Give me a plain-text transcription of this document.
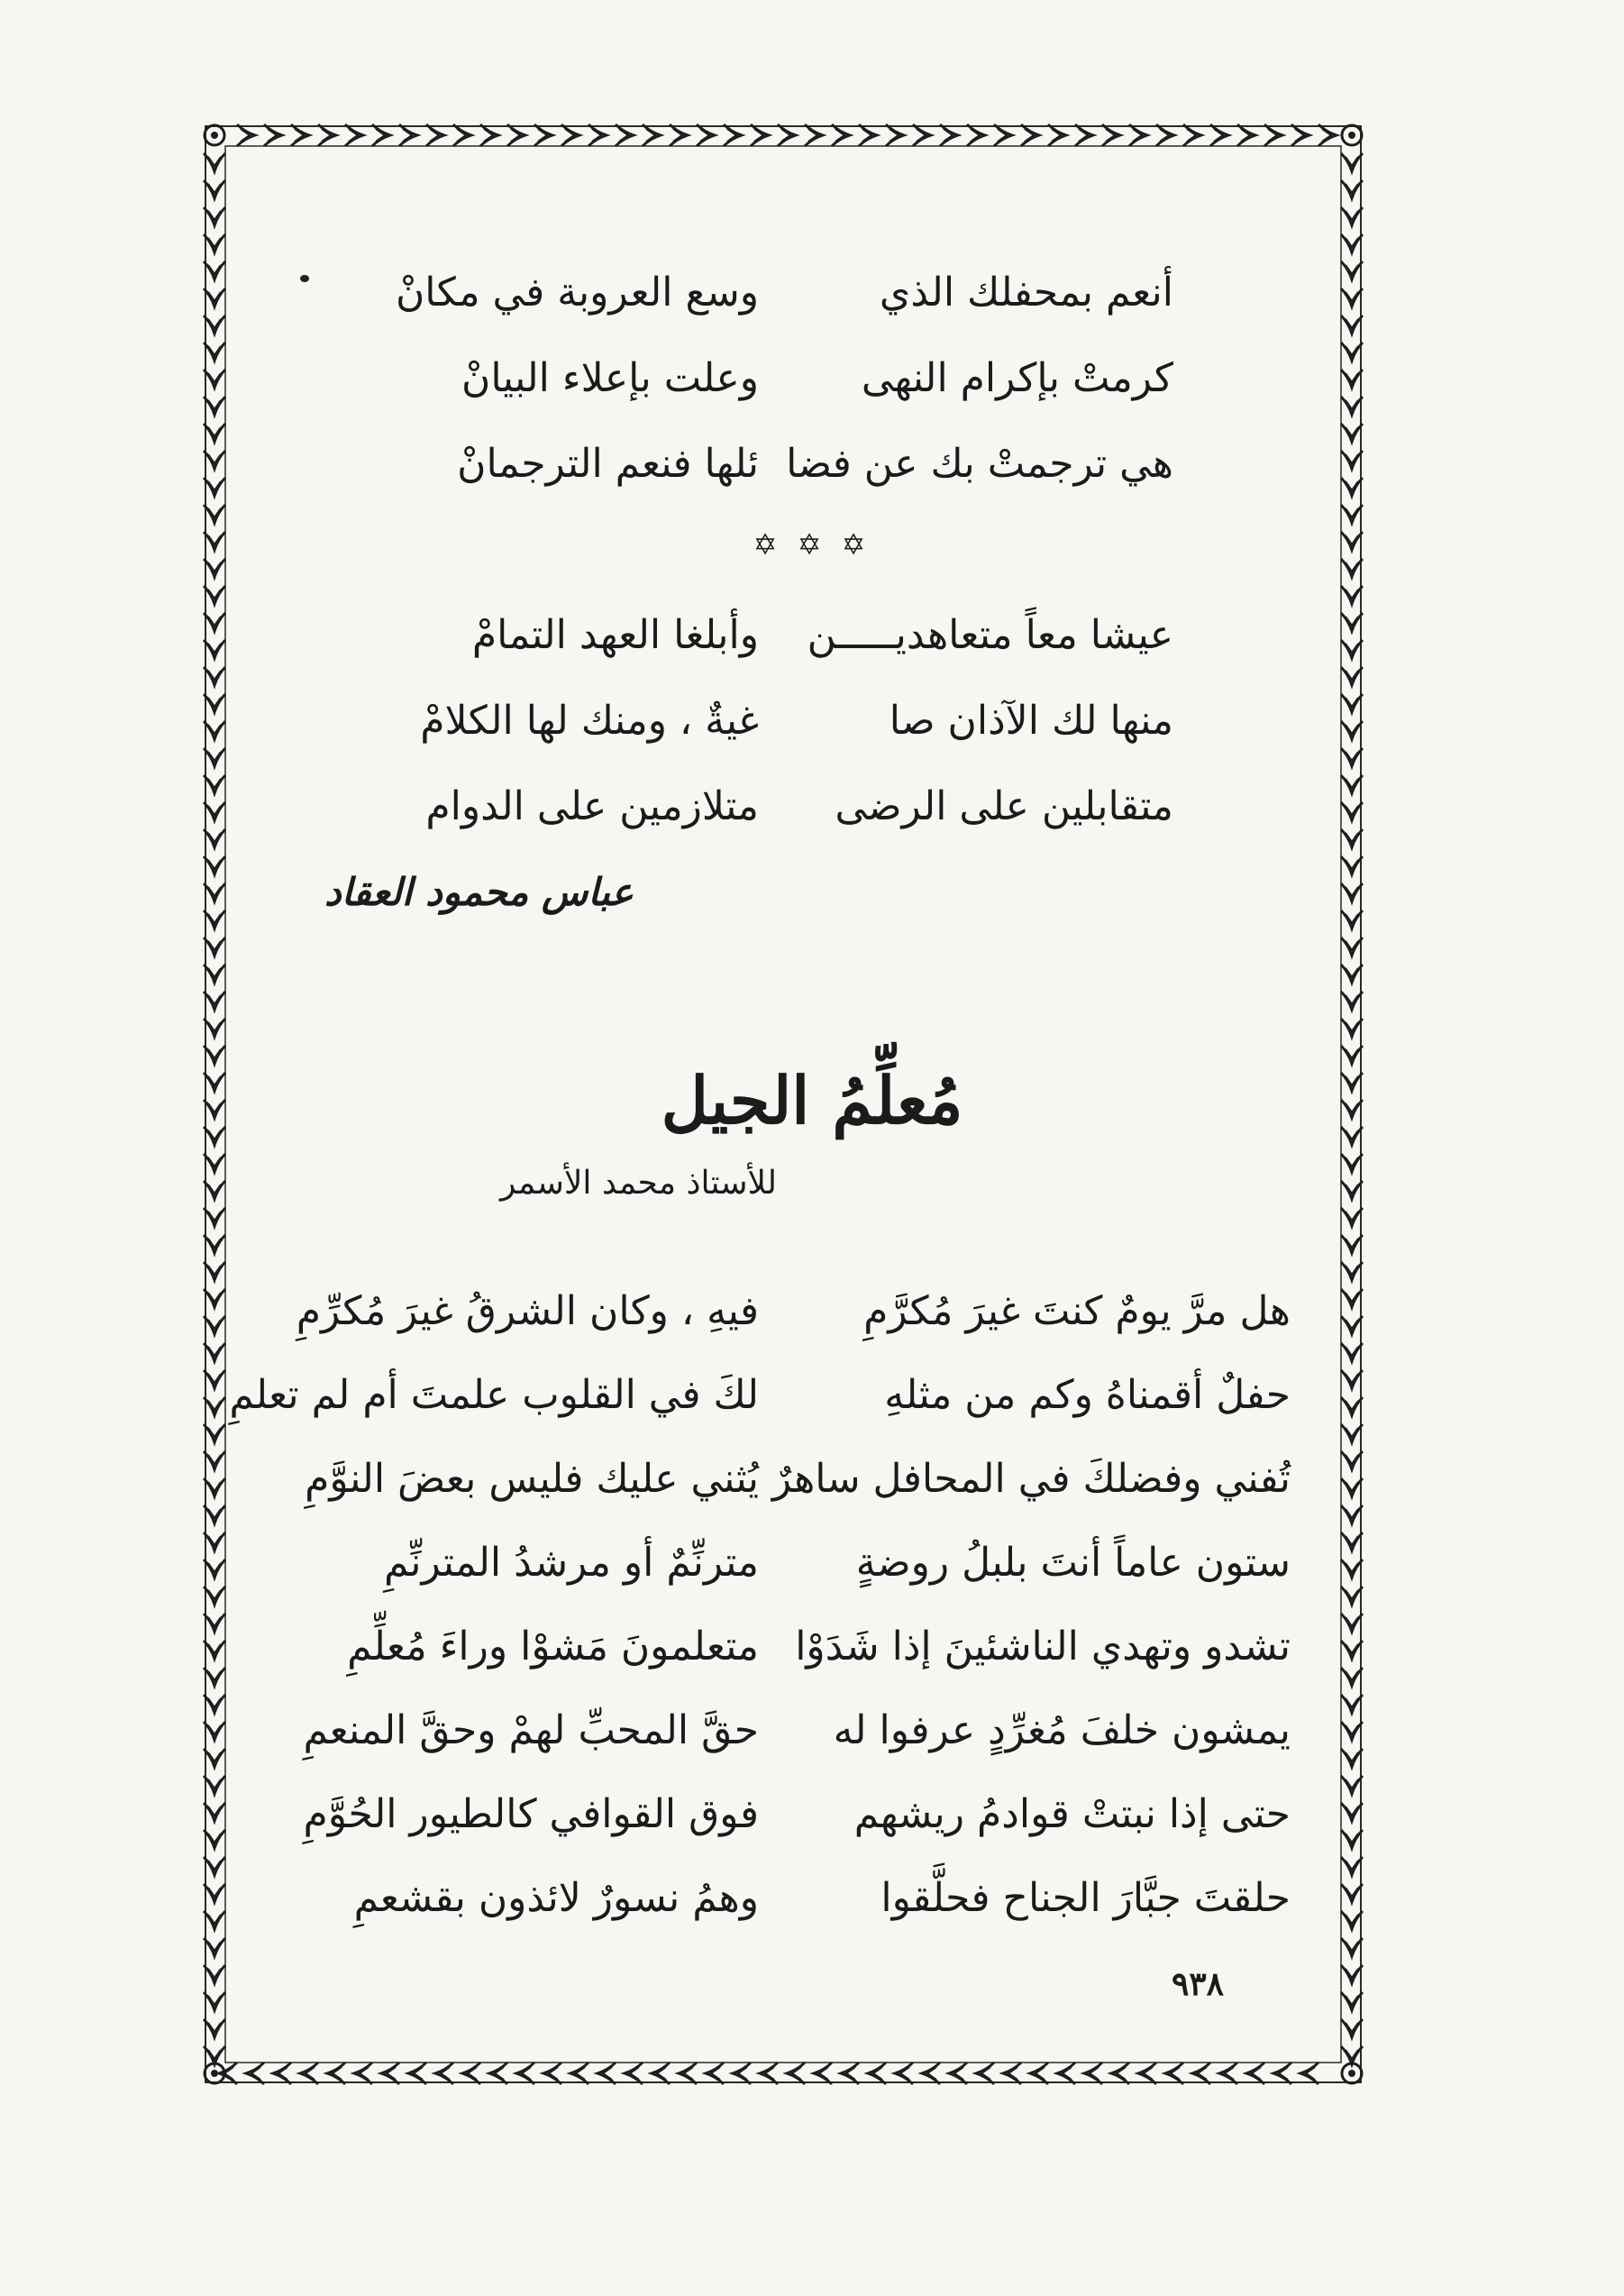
أنعم بمحفلك الذي
وسع العروبة في مكانْ
كرمتْ بإكرام النهى
وعلت بإعلاء البيانْ
هي ترجمتْ بك عن فضا
ئلها فنعم الترجمانْ
✡ ✡ ✡
عيشا معاً متعاهديـــــن
وأبلغا العهد التمامْ
منها لك الآذان صا
غيةٌ ، ومنك لها الكلامْ
متقابلين على الرضى
متلازمين على الدوام
عباس محمود العقاد
مُعلِّمُ الجيل
للأستاذ محمد الأسمر
هل مرَّ يومٌ كنتَ غيرَ مُكرَّمِ
فيهِ ، وكان الشرقُ غيرَ مُكرِّمِ
حفلٌ أقمناهُ وكم من مثلهِ
لكَ في القلوب علمتَ أم لم تعلمِ
تُفني وفضلكَ في المحافل ساهرٌ
يُثني عليك فليس بعضَ النوَّمِ
ستون عاماً أنتَ بلبلُ روضةٍ
مترنِّمٌ أو مرشدُ المترنِّمِ
تشدو وتهدي الناشئينَ إذا شَدَوْا
متعلمونَ مَشوْا وراءَ مُعلِّمِ
يمشون خلفَ مُغرِّدٍ عرفوا له
حقَّ المحبِّ لهمْ وحقَّ المنعمِ
حتى إذا نبتتْ قوادمُ ريشهم
فوق القوافي كالطيور الحُوَّمِ
حلقتَ جبَّارَ الجناح فحلَّقوا
وهمُ نسورٌ لائذون بقشعمِ
٩٣٨
